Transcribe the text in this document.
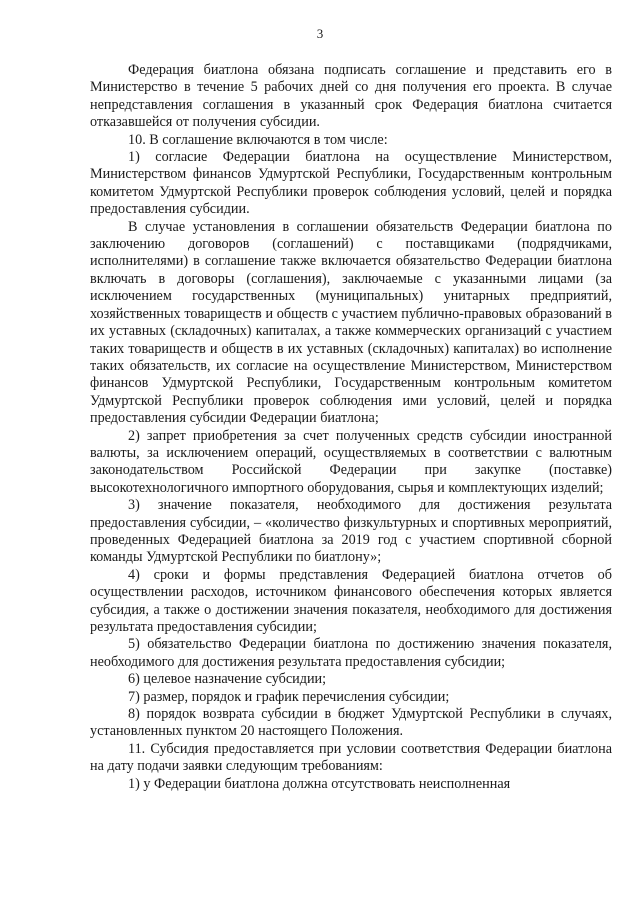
3

Федерация биатлона обязана подписать соглашение и представить его в Министерство в течение 5 рабочих дней со дня получения его проекта. В случае непредставления соглашения в указанный срок Федерация биатлона считается отказавшейся от получения субсидии.

10. В соглашение включаются в том числе:

1) согласие Федерации биатлона на осуществление Министерством, Министерством финансов Удмуртской Республики, Государственным контрольным комитетом Удмуртской Республики проверок соблюдения условий, целей и порядка предоставления субсидии.

В случае установления в соглашении обязательств Федерации биатлона по заключению договоров (соглашений) с поставщиками (подрядчиками, исполнителями) в соглашение также включается обязательство Федерации биатлона включать в договоры (соглашения), заключаемые с указанными лицами (за исключением государственных (муниципальных) унитарных предприятий, хозяйственных товариществ и обществ с участием публично-правовых образований в их уставных (складочных) капиталах, а также коммерческих организаций с участием таких товариществ и обществ в их уставных (складочных) капиталах) во исполнение таких обязательств, их согласие на осуществление Министерством, Министерством финансов Удмуртской Республики, Государственным контрольным комитетом Удмуртской Республики проверок соблюдения ими условий, целей и порядка предоставления субсидии Федерации биатлона;

2) запрет приобретения за счет полученных средств субсидии иностранной валюты, за исключением операций, осуществляемых в соответствии с валютным законодательством Российской Федерации при закупке (поставке) высокотехнологичного импортного оборудования, сырья и комплектующих изделий;

3) значение показателя, необходимого для достижения результата предоставления субсидии, – «количество физкультурных и спортивных мероприятий, проведенных Федерацией биатлона за 2019 год с участием спортивной сборной команды Удмуртской Республики по биатлону»;

4) сроки и формы представления Федерацией биатлона отчетов об осуществлении расходов, источником финансового обеспечения которых является субсидия, а также о достижении значения показателя, необходимого для достижения результата предоставления субсидии;

5) обязательство Федерации биатлона по достижению значения показателя, необходимого для достижения результата предоставления субсидии;

6) целевое назначение субсидии;

7) размер, порядок и график перечисления субсидии;

8) порядок возврата субсидии в бюджет Удмуртской Республики в случаях, установленных пунктом 20 настоящего Положения.

11. Субсидия предоставляется при условии соответствия Федерации биатлона на дату подачи заявки следующим требованиям:

1) у Федерации биатлона должна отсутствовать неисполненная
